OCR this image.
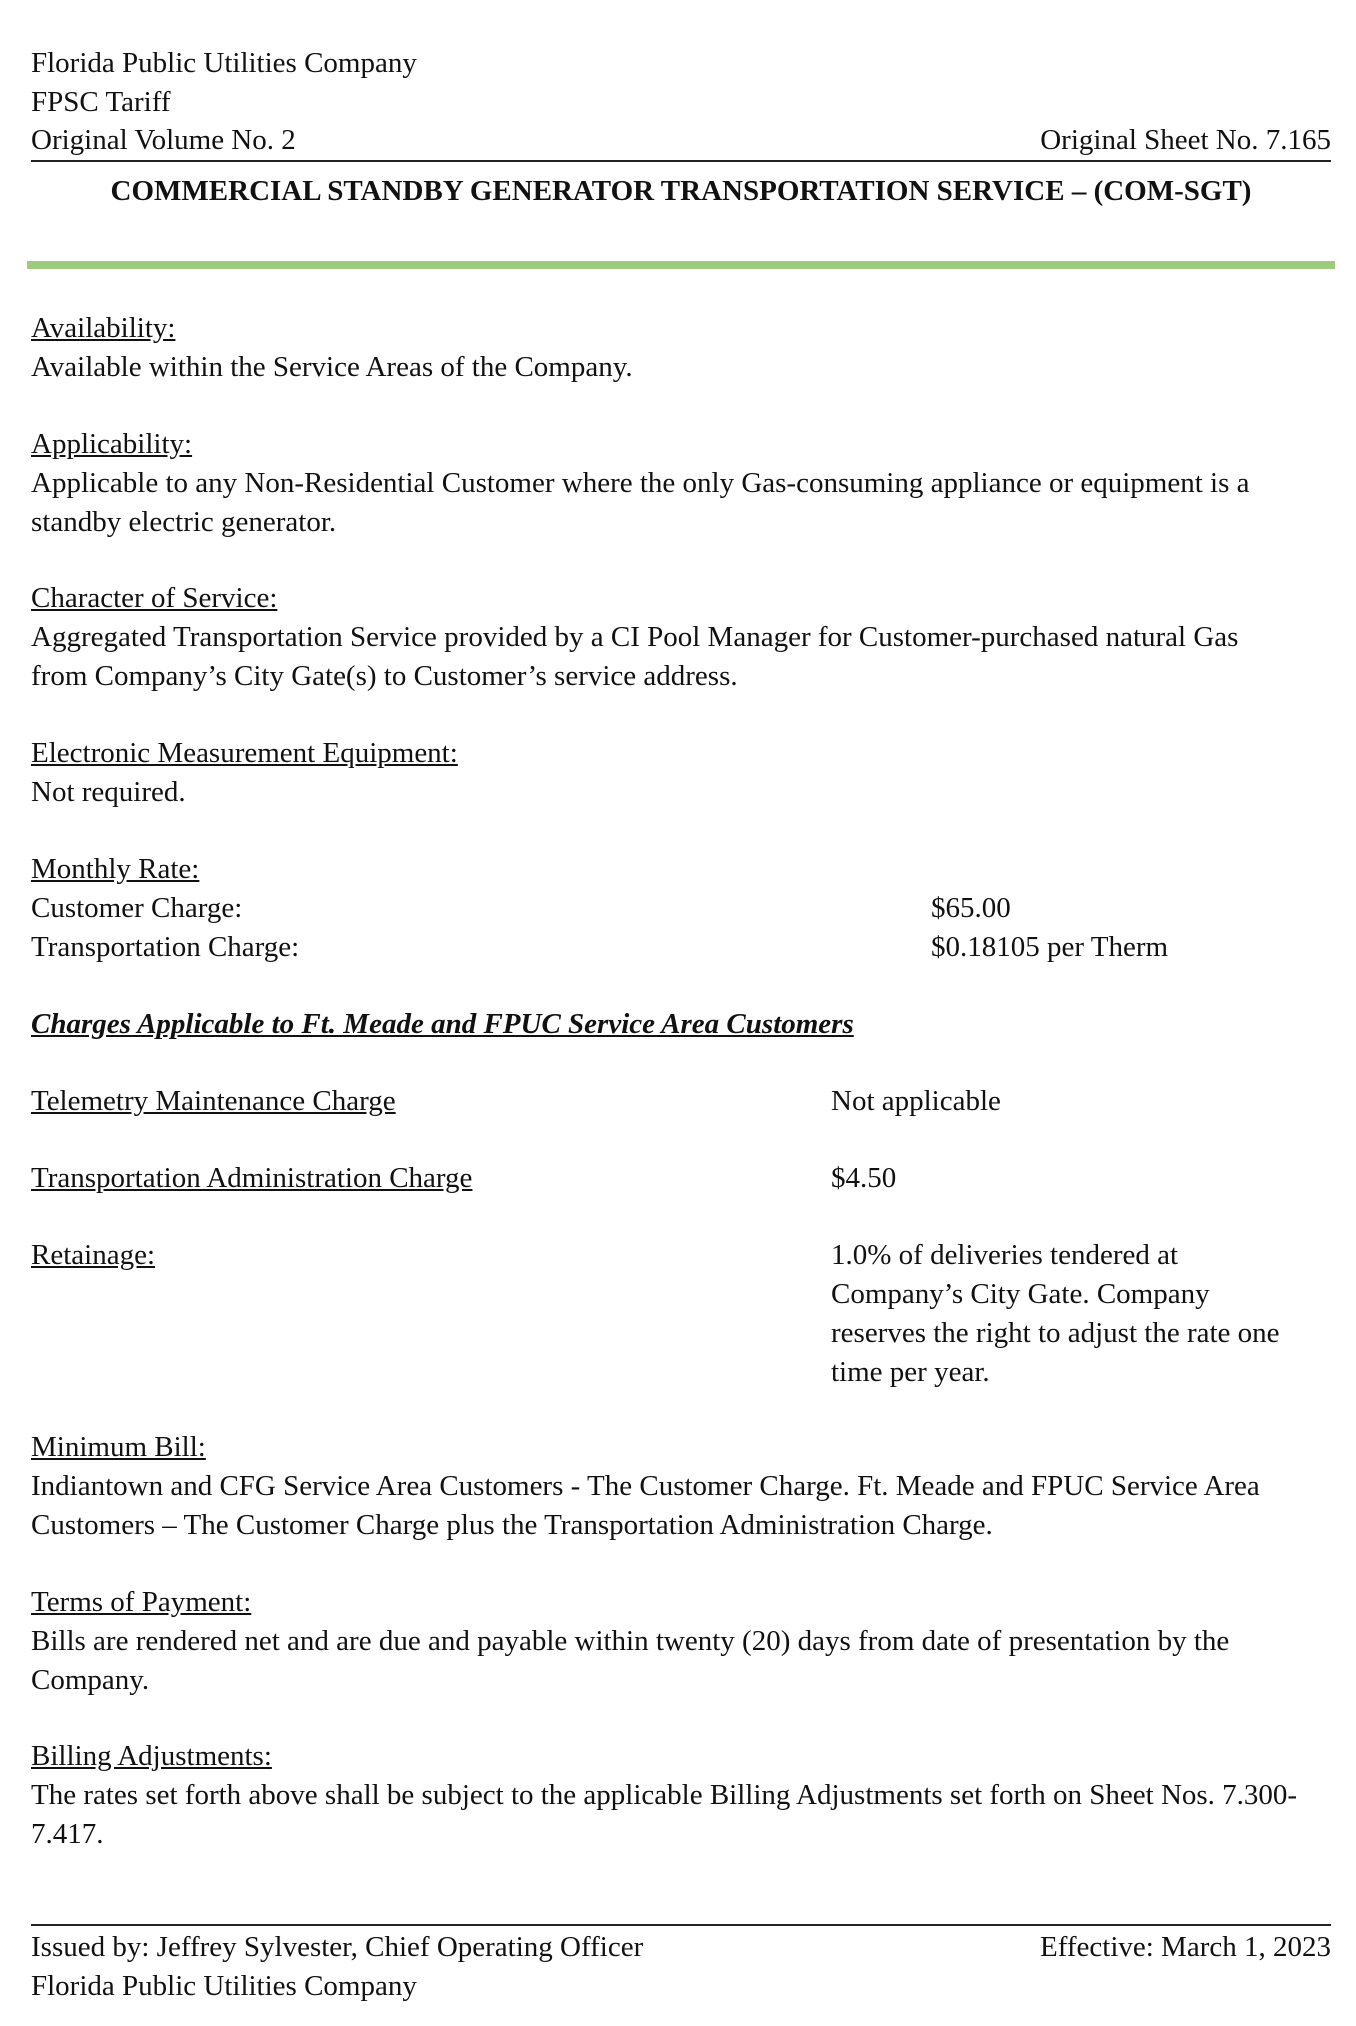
Florida Public Utilities Company
FPSC Tariff
Original Volume No. 2	Original Sheet No. 7.165
COMMERCIAL STANDBY GENERATOR TRANSPORTATION SERVICE – (COM-SGT)
Availability:
Available within the Service Areas of the Company.
Applicability:
Applicable to any Non-Residential Customer where the only Gas-consuming appliance or equipment is a standby electric generator.
Character of Service:
Aggregated Transportation Service provided by a CI Pool Manager for Customer-purchased natural Gas from Company’s City Gate(s) to Customer’s service address.
Electronic Measurement Equipment:
Not required.
Monthly Rate:
Customer Charge:	$65.00
Transportation Charge:	$0.18105 per Therm
Charges Applicable to Ft. Meade and FPUC Service Area Customers
Telemetry Maintenance Charge	Not applicable
Transportation Administration Charge	$4.50
Retainage:	1.0% of deliveries tendered at Company’s City Gate. Company reserves the right to adjust the rate one time per year.
Minimum Bill:
Indiantown and CFG Service Area Customers - The Customer Charge. Ft. Meade and FPUC Service Area Customers – The Customer Charge plus the Transportation Administration Charge.
Terms of Payment:
Bills are rendered net and are due and payable within twenty (20) days from date of presentation by the Company.
Billing Adjustments:
The rates set forth above shall be subject to the applicable Billing Adjustments set forth on Sheet Nos. 7.300-7.417.
Issued by: Jeffrey Sylvester, Chief Operating Officer	Effective: March 1, 2023
Florida Public Utilities Company
